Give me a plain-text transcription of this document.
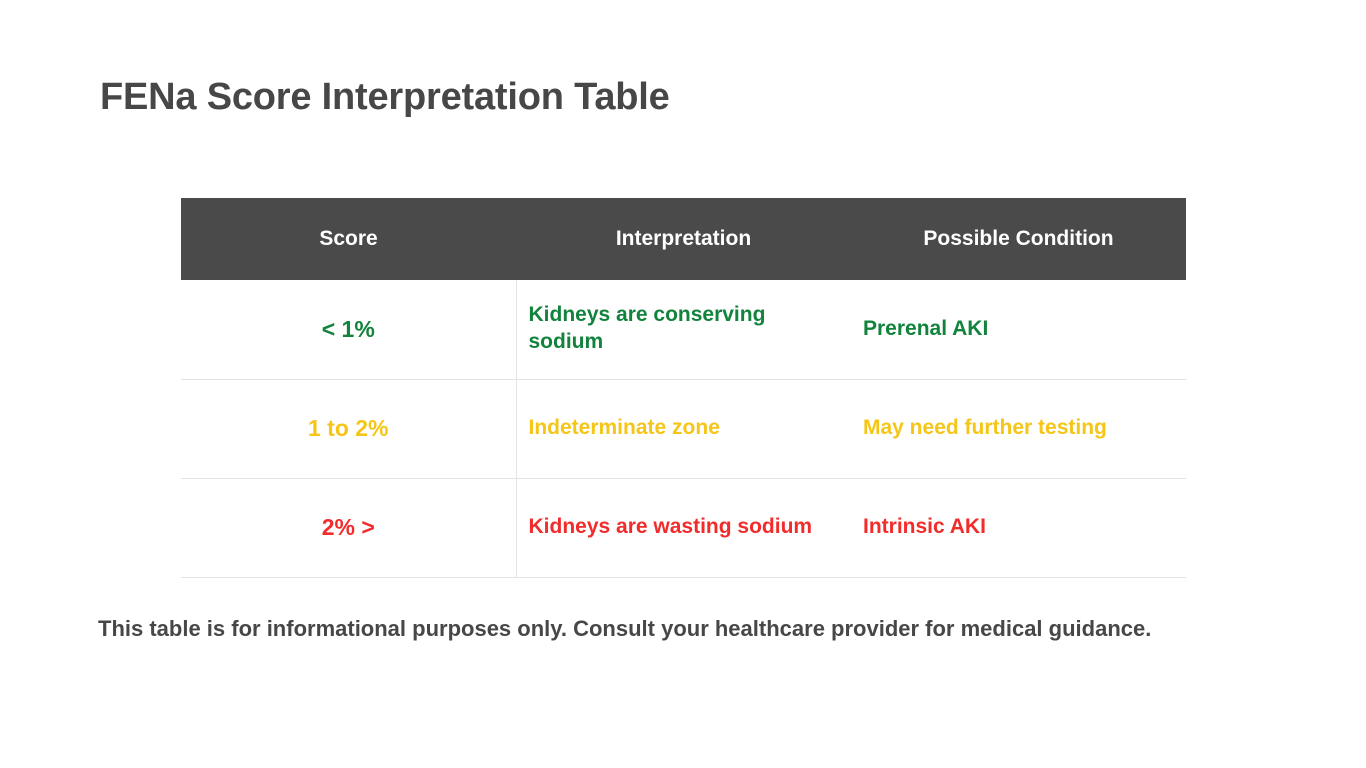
FENa Score Interpretation Table
Score	Interpretation	Possible Condition
< 1%	Kidneys are conserving sodium	Prerenal AKI
1 to 2%	Indeterminate zone	May need further testing
2% >	Kidneys are wasting sodium	Intrinsic AKI
This table is for informational purposes only. Consult your healthcare provider for medical guidance.
